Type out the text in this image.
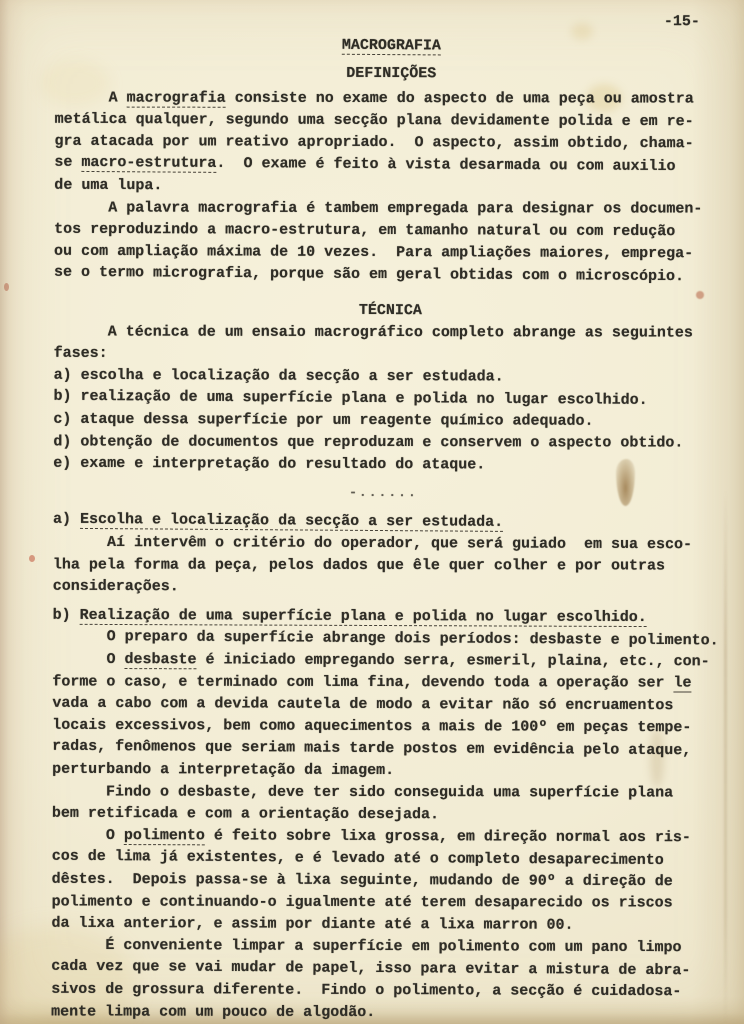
-15-
MACROGRAFIA
DEFINIÇÕES
A macrografia consiste no exame do aspecto de uma peça ou amostra
metálica qualquer, segundo uma secção plana devidamente polida e em re-
gra atacada por um reativo apropriado.  O aspecto, assim obtido, chama-
se macro-estrutura.  O exame é feito à vista desarmada ou com auxilio
de uma lupa.
A palavra macrografia é tambem empregada para designar os documen-
tos reproduzindo a macro-estrutura, em tamanho natural ou com redução
ou com ampliação máxima de 10 vezes.  Para ampliações maiores, emprega-
se o termo micrografia, porque são em geral obtidas com o microscópio.
TÉCNICA
A técnica de um ensaio macrográfico completo abrange as seguintes
fases:
a) escolha e localização da secção a ser estudada.
b) realização de uma superfície plana e polida no lugar escolhido.
c) ataque dessa superfície por um reagente químico adequado.
d) obtenção de documentos que reproduzam e conservem o aspecto obtido.
e) exame e interpretação do resultado do ataque.
-......
a) Escolha e localização da secção a ser estudada.
Aí intervêm o critério do operador, que será guiado  em sua esco-
lha pela forma da peça, pelos dados que êle quer colher e por outras
considerações.
b) Realização de uma superfície plana e polida no lugar escolhido.
O preparo da superfície abrange dois períodos: desbaste e polimento.
O desbaste é iniciado empregando serra, esmeril, plaina, etc., con-
forme o caso, e terminado com lima fina, devendo toda a operação ser le
vada a cabo com a devida cautela de modo a evitar não só encruamentos
locais excessivos, bem como aquecimentos a mais de 100º em peças tempe-
radas, fenômenos que seriam mais tarde postos em evidência pelo ataque,
perturbando a interpretação da imagem.
Findo o desbaste, deve ter sido conseguida uma superfície plana
bem retificada e com a orientação desejada.
O polimento é feito sobre lixa grossa, em direção normal aos ris-
cos de lima já existentes, e é levado até o completo desaparecimento
dêstes.  Depois passa-se à lixa seguinte, mudando de 90º a direção de
polimento e continuando-o igualmente até terem desaparecido os riscos
da lixa anterior, e assim por diante até a lixa marron 00.
É conveniente limpar a superfície em polimento com um pano limpo
cada vez que se vai mudar de papel, isso para evitar a mistura de abra-
sivos de grossura diferente.  Findo o polimento, a secção é cuidadosa-
mente limpa com um pouco de algodão.
